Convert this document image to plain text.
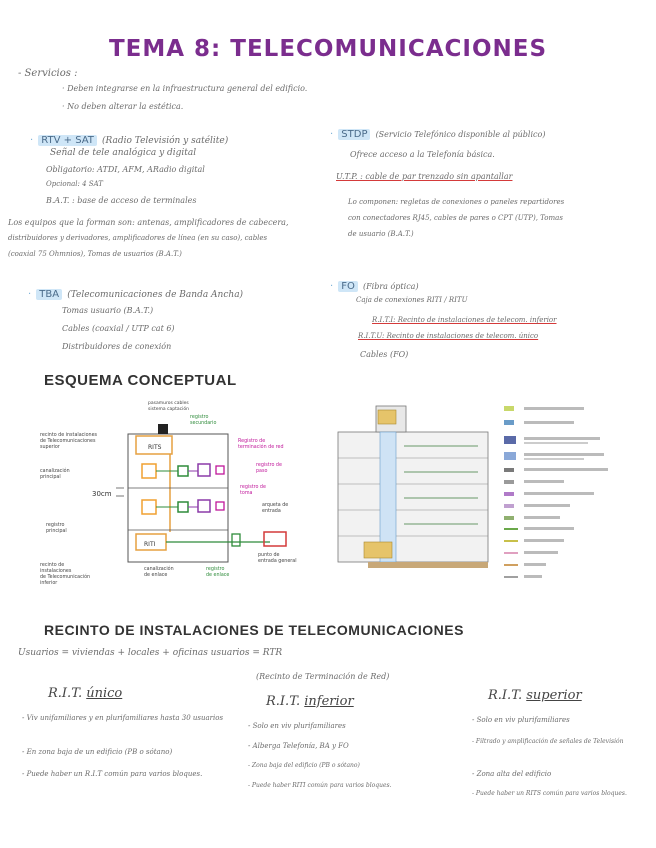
TEMA 8: TELECOMUNICACIONES
- Servicios :
· Deben integrarse en la infraestructura general del edificio.
· No deben alterar la estética.
· RTV + SAT (Radio Televisión y satélite)
Señal de tele analógica y digital
Obligatorio: ATDI, AFM, ARadio digital
Opcional: 4 SAT
B.A.T. : base de acceso de terminales
Los equipos que la forman son: antenas, amplificadores de cabecera,
distribuidores y derivadores, amplificadores de línea (en su caso), cables
(coaxial 75 Ohmnios), Tomas de usuarios (B.A.T.)
· STDP (Servicio Telefónico disponible al público)
Ofrece acceso a la Telefonía básica.
U.T.P. : cable de par trenzado sin apantallar
Lo componen: regletas de conexiones o paneles repartidores
con conectadores RJ45, cables de pares o CPT (UTP), Tomas
de usuario (B.A.T.)
· TBA (Telecomunicaciones de Banda Ancha)
Tomas usuario (B.A.T.)
Cables (coaxial / UTP cat 6)
Distribuidores de conexión
· FO (Fibra óptica)
Caja de conexiones RITI / RITU
R.I.T.I: Recinto de instalaciones de telecom. inferior
R.I.T.U: Recinto de instalaciones de telecom. único
Cables (FO)
ESQUEMA CONCEPTUAL
pasamuros cables
sistema captación
RITS
RITI
30cm
recinto de instalaciones
de Telecomunicaciones
superior
canalización
principal
registro
principal
recinto de
instalaciones
de Telecomunicación
inferior
canalización
de enlace
registro
de enlace
punto de
entrada general
arqueta de
entrada
registro
secundario
Registro de
terminación de red
registro de
paso
registro de
toma
RECINTO DE INSTALACIONES DE TELECOMUNICACIONES
Usuarios = viviendas + locales + oficinas usuarios = RTR
(Recinto de Terminación de Red)
R.I.T. único
- Viv unifamiliares y en plurifamiliares hasta 30 usuarios
- En zona baja de un edificio (PB o sótano)
- Puede haber un R.I.T común para varios bloques.
R.I.T. inferior
- Solo en viv plurifamiliares
- Alberga Telefonía, BA y FO
- Zona baja del edificio (PB o sótano)
- Puede haber RITI común para varios bloques.
R.I.T. superior
- Solo en viv plurifamiliares
- Filtrado y amplificación de señales de Televisión
- Zona alta del edificio
- Puede haber un RITS común para varios bloques.
